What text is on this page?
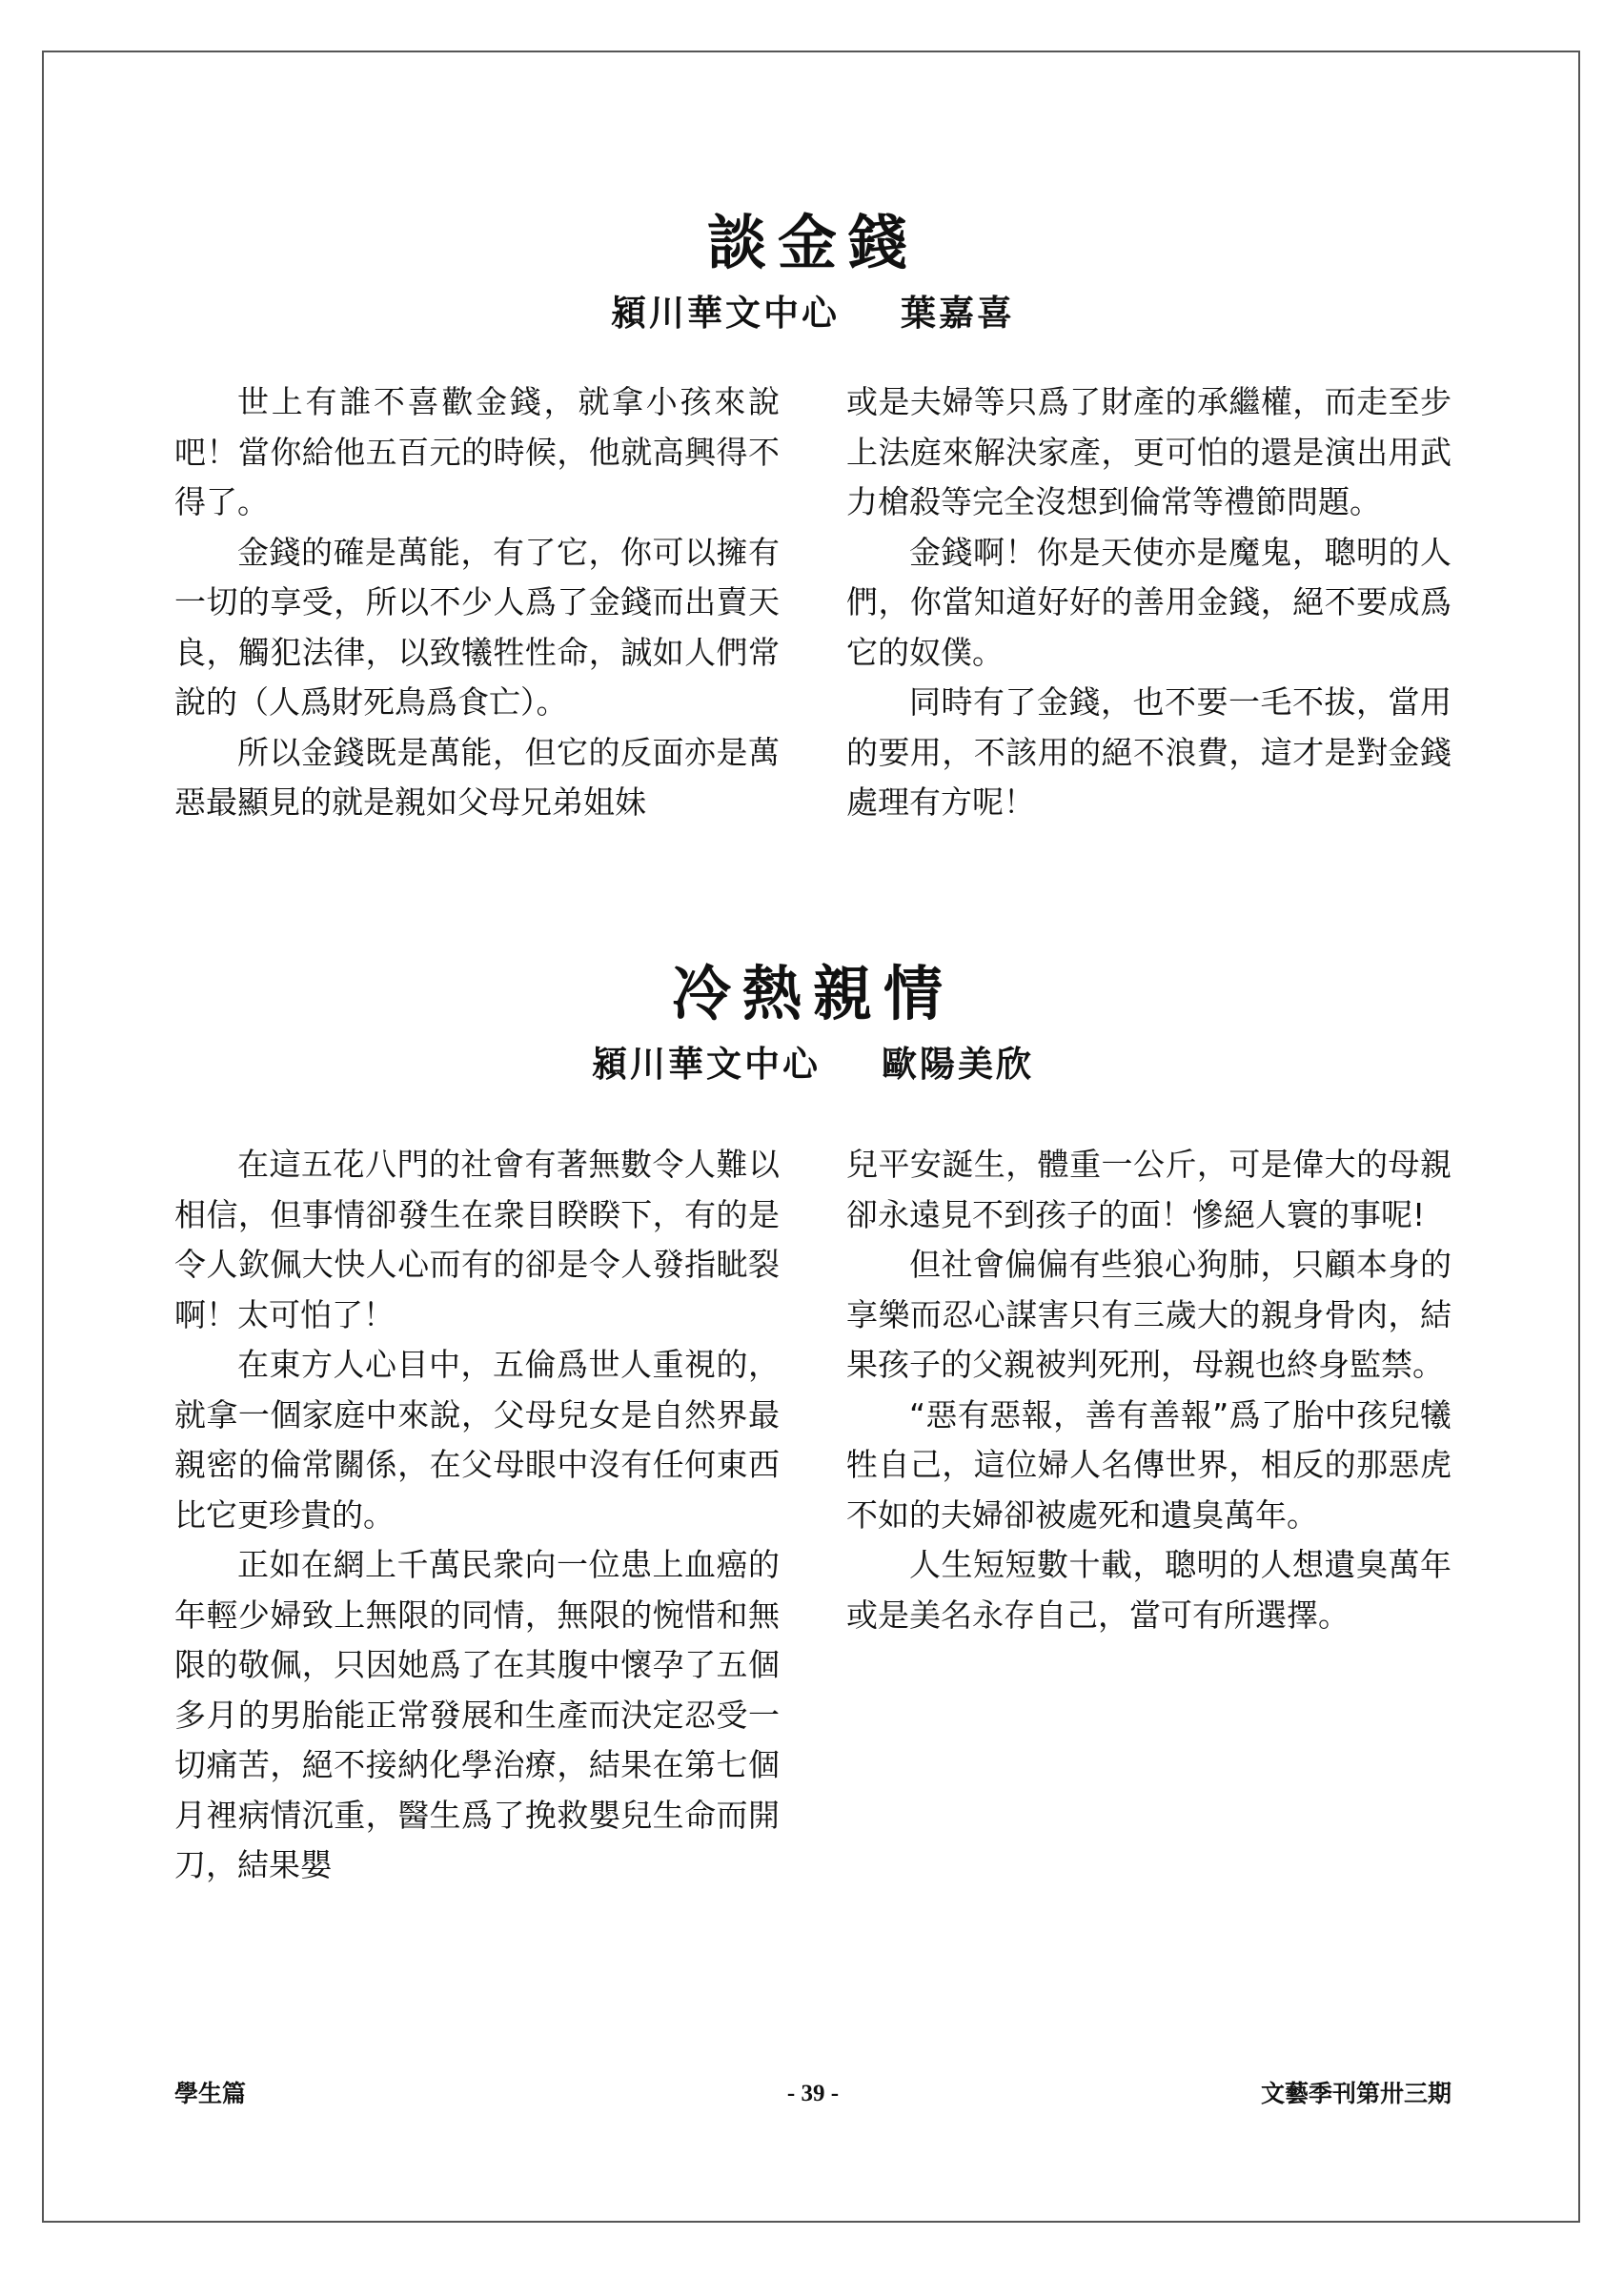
談金錢

潁川華文中心 葉嘉喜

世上有誰不喜歡金錢，就拿小孩來說吧！當你給他五百元的時候，他就高興得不得了。

金錢的確是萬能，有了它，你可以擁有一切的享受，所以不少人爲了金錢而出賣天良，觸犯法律，以致犧牲性命，誠如人們常說的（人爲財死鳥爲食亡）。

所以金錢既是萬能，但它的反面亦是萬惡最顯見的就是親如父母兄弟姐妹

或是夫婦等只爲了財產的承繼權，而走至步上法庭來解決家產，更可怕的還是演出用武力槍殺等完全沒想到倫常等禮節問題。

金錢啊！你是天使亦是魔鬼，聰明的人們，你當知道好好的善用金錢，絕不要成爲它的奴僕。

同時有了金錢，也不要一毛不拔，當用的要用，不該用的絕不浪費，這才是對金錢處理有方呢！

冷熱親情

潁川華文中心 歐陽美欣

在這五花八門的社會有著無數令人難以相信，但事情卻發生在衆目睽睽下，有的是令人欽佩大快人心而有的卻是令人發指眦裂啊！太可怕了！

在東方人心目中，五倫爲世人重視的，就拿一個家庭中來說，父母兒女是自然界最親密的倫常關係，在父母眼中沒有任何東西比它更珍貴的。

正如在網上千萬民衆向一位患上血癌的年輕少婦致上無限的同情，無限的惋惜和無限的敬佩，只因她爲了在其腹中懷孕了五個多月的男胎能正常發展和生產而決定忍受一切痛苦，絕不接納化學治療，結果在第七個月裡病情沉重，醫生爲了挽救嬰兒生命而開刀，結果嬰

兒平安誕生，體重一公斤，可是偉大的母親卻永遠見不到孩子的面！慘絕人寰的事呢!

但社會偏偏有些狼心狗肺，只顧本身的享樂而忍心謀害只有三歲大的親身骨肉，結果孩子的父親被判死刑，母親也終身監禁。

“惡有惡報，善有善報”爲了胎中孩兒犧牲自己，這位婦人名傳世界，相反的那惡虎不如的夫婦卻被處死和遺臭萬年。

人生短短數十載，聰明的人想遺臭萬年或是美名永存自己，當可有所選擇。

學生篇	- 39 -	文藝季刊第卅三期
